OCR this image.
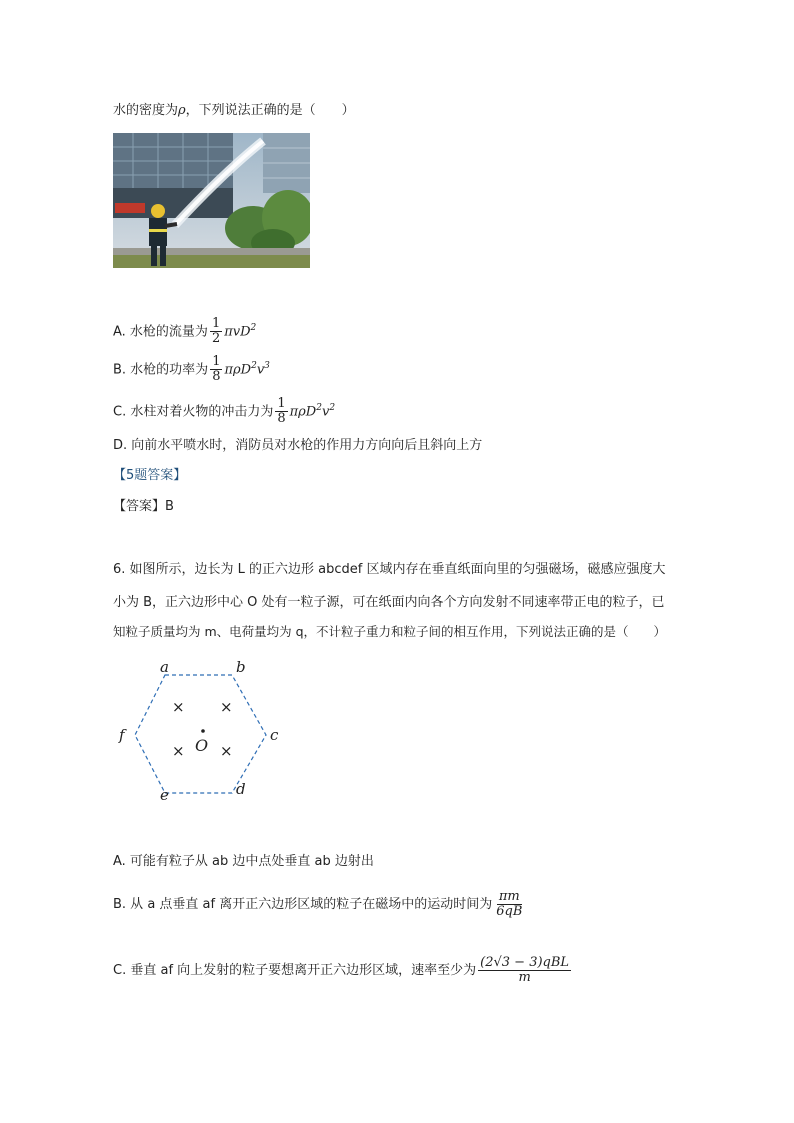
水的密度为ρ，下列说法正确的是（　　）
A. 水枪的流量为 $\frac{1}{2} \pi vD^2$
B. 水枪的功率为 $\frac{1}{8} \pi\rho D^2v^3$
C. 水柱对着火物的冲击力为 $\frac{1}{8} \pi\rho D^2v^2$
D. 向前水平喷水时，消防员对水枪的作用力方向向后且斜向上方
【5题答案】
【答案】B
6. 如图所示，边长为 L 的正六边形 abcdef 区域内存在垂直纸面向里的匀强磁场，磁感应强度大
小为 B，正六边形中心 O 处有一粒子源，可在纸面内向各个方向发射不同速率带正电的粒子，已
知粒子质量均为 m、电荷量均为 q，不计粒子重力和粒子间的相互作用，下列说法正确的是（　　）
a	b
c
d
e
f
× ×
× ×
O
A. 可能有粒子从 ab 边中点处垂直 ab 边射出
B. 从 a 点垂直 af 离开正六边形区域的粒子在磁场中的运动时间为 $\frac{\pi m}{6qB}$
C. 垂直 af 向上发射的粒子要想离开正六边形区域，速率至少为 $\frac{\text{(2√3 − 3)qBL}}{m}$
